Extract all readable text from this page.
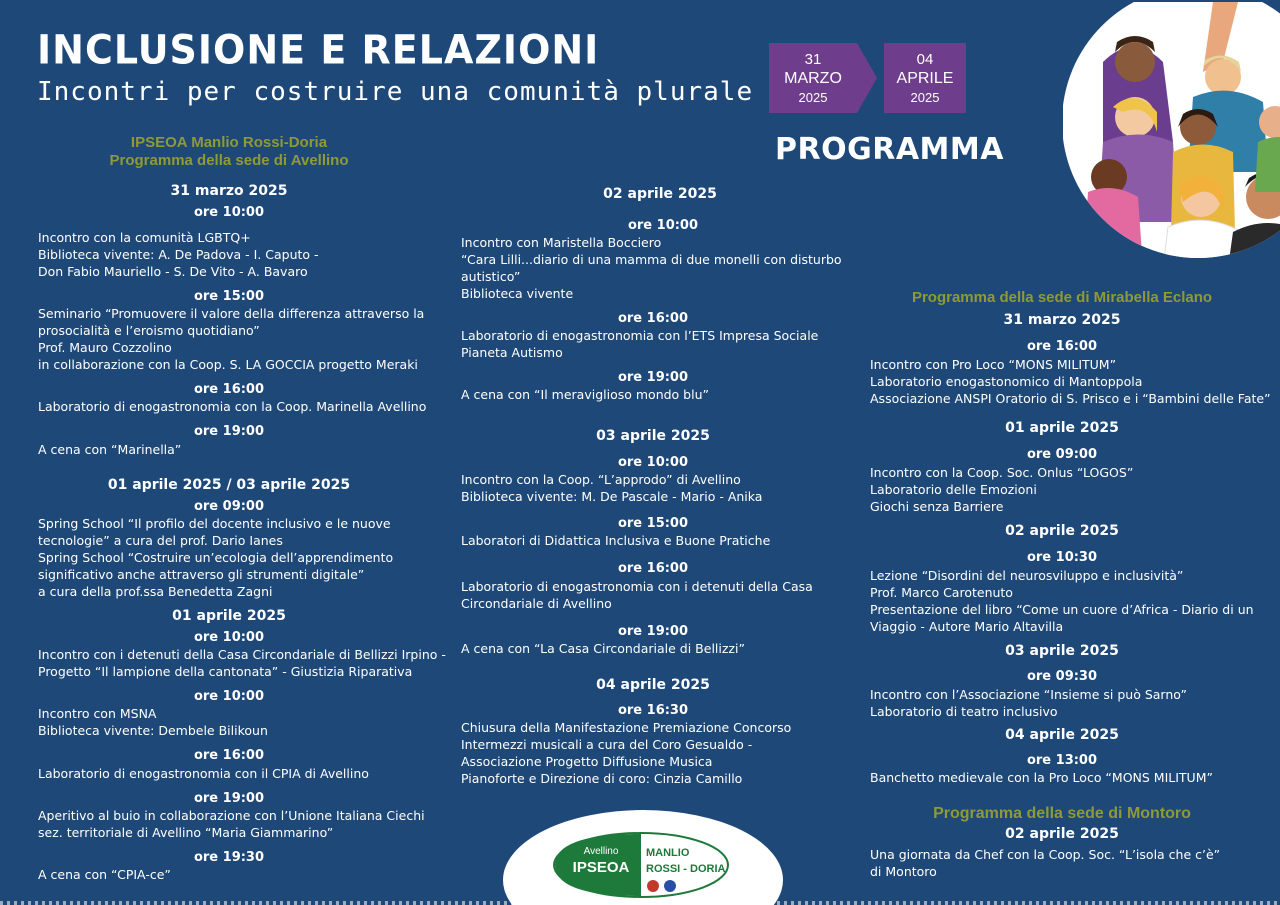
INCLUSIONE E RELAZIONI
Incontri per costruire una comunità plurale
31
MARZO
2025
04
APRILE
2025
PROGRAMMA
IPSEOA Manlio Rossi-Doria
Programma della sede di Avellino
31 marzo 2025
ore 10:00
Incontro con la comunità LGBTQ+
Biblioteca vivente: A. De Padova - I. Caputo -
Don Fabio Mauriello - S. De Vito - A. Bavaro
ore 15:00
Seminario “Promuovere il valore della differenza attraverso la
prosocialità e l’eroismo quotidiano”
Prof. Mauro Cozzolino
in collaborazione con la Coop. S. LA GOCCIA progetto Meraki
ore 16:00
Laboratorio di enogastronomia con la Coop. Marinella Avellino
ore 19:00
A cena con “Marinella”
01 aprile 2025 / 03 aprile 2025
ore 09:00
Spring School “Il profilo del docente inclusivo e le nuove
tecnologie” a cura del prof. Dario Ianes
Spring School “Costruire un’ecologia dell’apprendimento
significativo anche attraverso gli strumenti digitale”
a cura della prof.ssa Benedetta Zagni
01 aprile 2025
ore 10:00
Incontro con i detenuti della Casa Circondariale di Bellizzi Irpino -
Progetto “Il lampione della cantonata” - Giustizia Riparativa
ore 10:00
Incontro con MSNA
Biblioteca vivente: Dembele Bilikoun
ore 16:00
Laboratorio di enogastronomia con il CPIA di Avellino
ore 19:00
Aperitivo al buio in collaborazione con l’Unione Italiana Ciechi
sez. territoriale di Avellino “Maria Giammarino”
ore 19:30
A cena con “CPIA-ce”
02 aprile 2025
ore 10:00
Incontro con Maristella Bocciero
“Cara Lilli...diario di una mamma di due monelli con disturbo
autistico”
Biblioteca vivente
ore 16:00
Laboratorio di enogastronomia con l’ETS Impresa Sociale
Pianeta Autismo
ore 19:00
A cena con “Il meraviglioso mondo blu”
03 aprile 2025
ore 10:00
Incontro con la Coop. “L’approdo” di Avellino
Biblioteca vivente: M. De Pascale - Mario - Anika
ore 15:00
Laboratori di Didattica Inclusiva e Buone Pratiche
ore 16:00
Laboratorio di enogastronomia con i detenuti della Casa
Circondariale di Avellino
ore 19:00
A cena con “La Casa Circondariale di Bellizzi”
04 aprile 2025
ore 16:30
Chiusura della Manifestazione Premiazione Concorso
Intermezzi musicali a cura del Coro Gesualdo -
Associazione Progetto Diffusione Musica
Pianoforte e Direzione di coro: Cinzia Camillo
Programma della sede di Mirabella Eclano
31 marzo 2025
ore 16:00
Incontro con Pro Loco “MONS MILITUM”
Laboratorio enogastonomico di Mantoppola
Associazione ANSPI Oratorio di S. Prisco e i “Bambini delle Fate”
01 aprile 2025
ore 09:00
Incontro con la Coop. Soc. Onlus “LOGOS”
Laboratorio delle Emozioni
Giochi senza Barriere
02 aprile 2025
ore 10:30
Lezione “Disordini del neurosviluppo e inclusività”
Prof. Marco Carotenuto
Presentazione del libro “Come un cuore d’Africa - Diario di un
Viaggio - Autore Mario Altavilla
03 aprile 2025
ore 09:30
Incontro con l’Associazione “Insieme si può Sarno”
Laboratorio di teatro inclusivo
04 aprile 2025
ore 13:00
Banchetto medievale con la Pro Loco “MONS MILITUM”
Programma della sede di Montoro
02 aprile 2025
Una giornata da Chef con la Coop. Soc. “L’isola che c’è”
di Montoro
Avellino
IPSEOA
MANLIO
ROSSI - DORIA
